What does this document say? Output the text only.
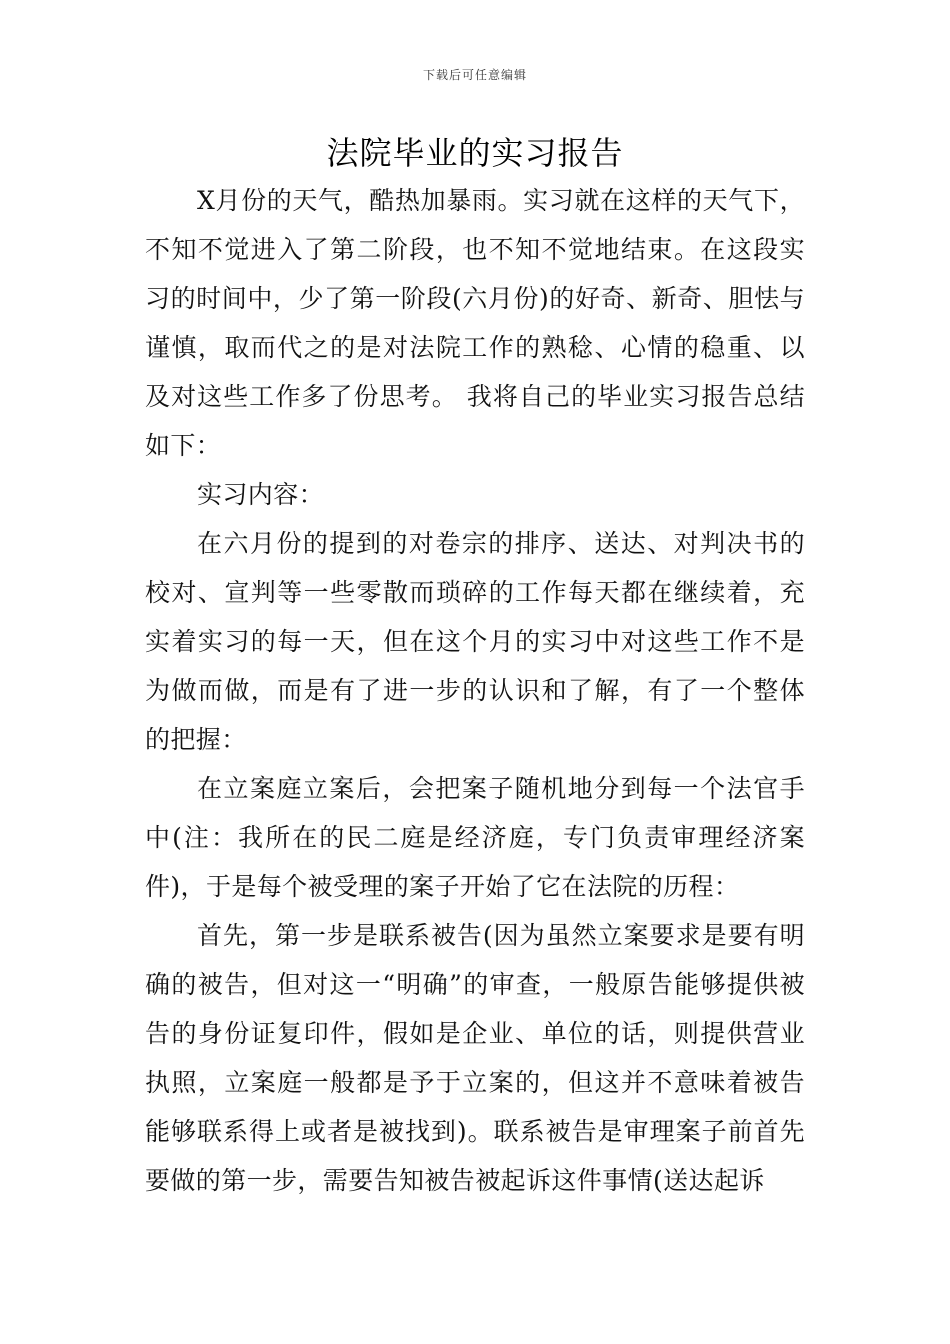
下载后可任意编辑
法院毕业的实习报告

X月份的天气，酷热加暴雨。实习就在这样的天气下，不知不觉进入了第二阶段，也不知不觉地结束。在这段实习的时间中，少了第一阶段(六月份)的好奇、新奇、胆怯与谨慎，取而代之的是对法院工作的熟稔、心情的稳重、以及对这些工作多了份思考。 我将自己的毕业实习报告总结如下：

实习内容：

在六月份的提到的对卷宗的排序、送达、对判决书的校对、宣判等一些零散而琐碎的工作每天都在继续着，充实着实习的每一天，但在这个月的实习中对这些工作不是为做而做，而是有了进一步的认识和了解，有了一个整体的把握：

在立案庭立案后，会把案子随机地分到每一个法官手中(注：我所在的民二庭是经济庭，专门负责审理经济案件)，于是每个被受理的案子开始了它在法院的历程：

首先，第一步是联系被告(因为虽然立案要求是要有明确的被告，但对这一“明确”的审查，一般原告能够提供被告的身份证复印件，假如是企业、单位的话，则提供营业执照，立案庭一般都是予于立案的，但这并不意味着被告能够联系得上或者是被找到)。联系被告是审理案子前首先要做的第一步，需要告知被告被起诉这件事情(送达起诉
